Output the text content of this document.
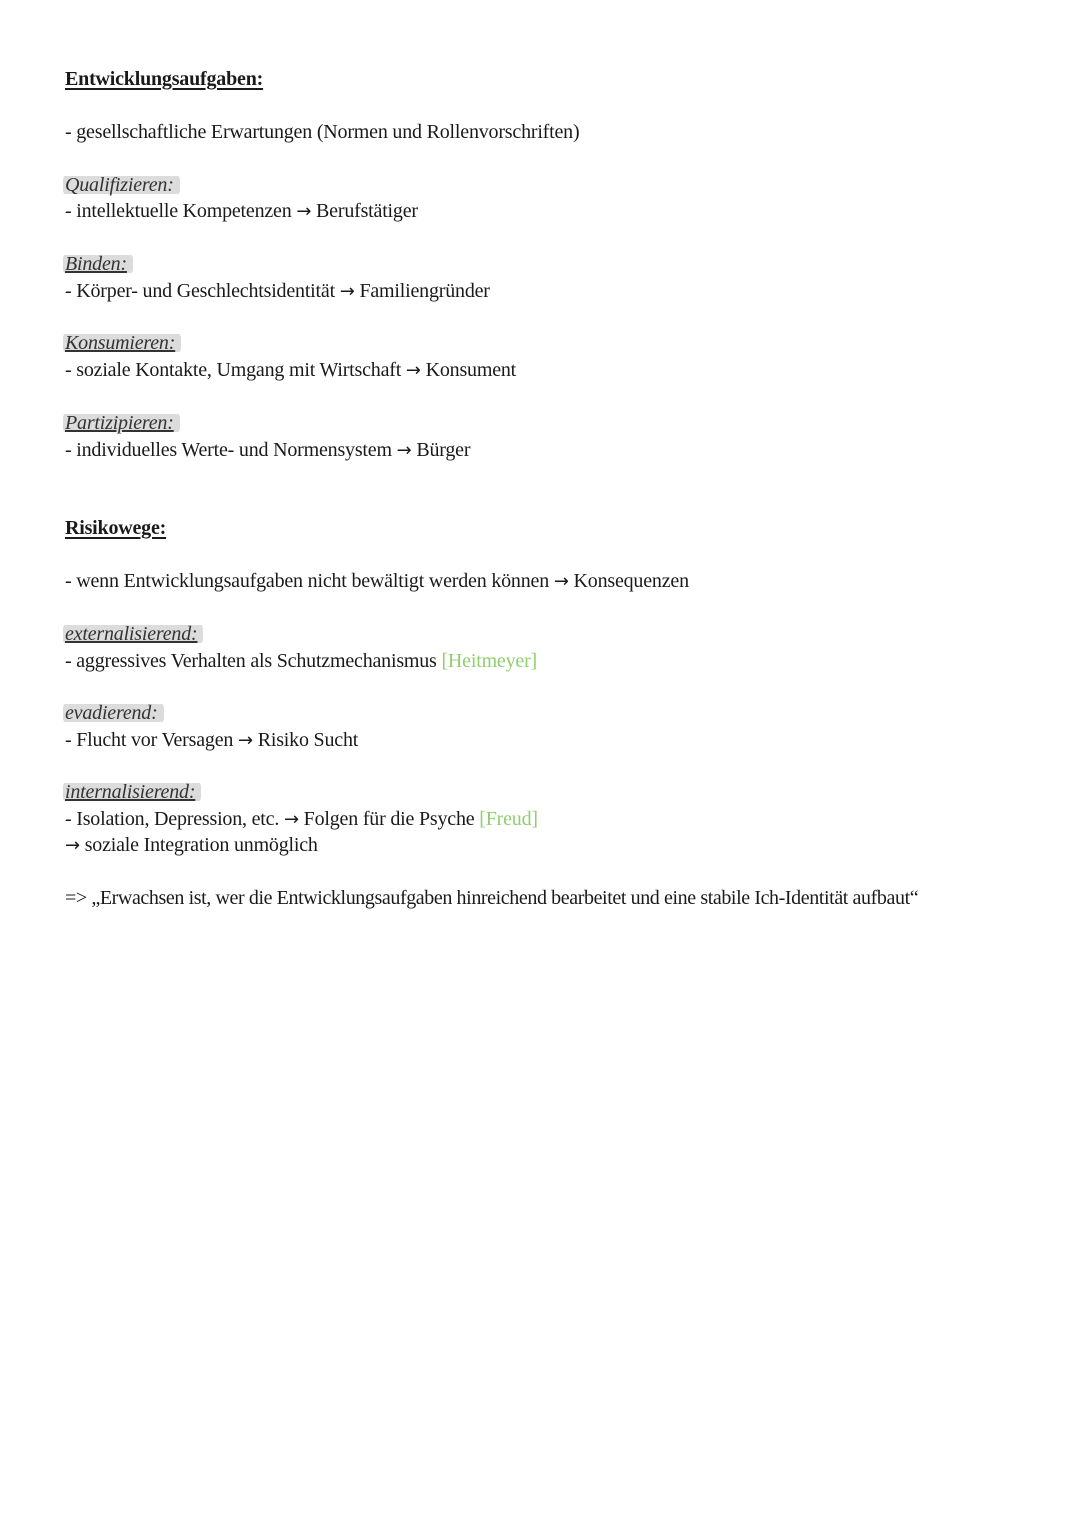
Entwicklungsaufgaben:
- gesellschaftliche Erwartungen (Normen und Rollenvorschriften)
Qualifizieren:
- intellektuelle Kompetenzen → Berufstätiger
Binden:
- Körper- und Geschlechtsidentität → Familiengründer
Konsumieren:
- soziale Kontakte, Umgang mit Wirtschaft → Konsument
Partizipieren:
- individuelles Werte- und Normensystem → Bürger
Risikowege:
- wenn Entwicklungsaufgaben nicht bewältigt werden können → Konsequenzen
externalisierend:
- aggressives Verhalten als Schutzmechanismus [Heitmeyer]
evadierend:
- Flucht vor Versagen → Risiko Sucht
internalisierend:
- Isolation, Depression, etc. → Folgen für die Psyche [Freud]
→ soziale Integration unmöglich
=> „Erwachsen ist, wer die Entwicklungsaufgaben hinreichend bearbeitet und eine stabile Ich-Identität aufbaut“
